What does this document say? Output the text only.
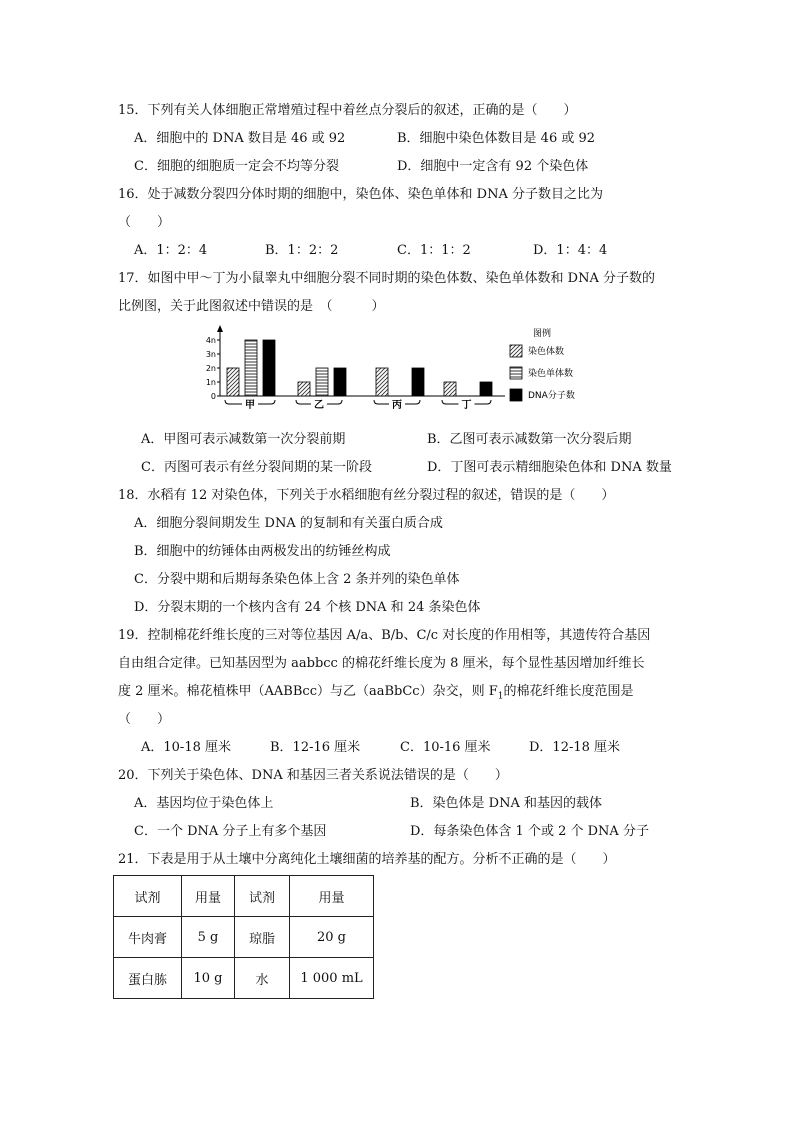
15．下列有关人体细胞正常增殖过程中着丝点分裂后的叙述，正确的是（　　）
A．细胞中的 DNA 数目是 46 或 92	B．细胞中染色体数目是 46 或 92
C．细胞的细胞质一定会不均等分裂	D．细胞中一定含有 92 个染色体
16．处于减数分裂四分体时期的细胞中，染色体、染色单体和 DNA 分子数目之比为
（　　）
A．1：2：4	B．1：2：2	C．1：1：2	D．1：4：4
17．如图中甲～丁为小鼠睾丸中细胞分裂不同时期的染色体数、染色单体数和 DNA 分子数的
比例图，关于此图叙述中错误的是　（　　　）
0
1n
2n
3n
4n
甲	乙	丙	丁
图例
染色体数
染色单体数
DNA分子数
A．甲图可表示减数第一次分裂前期	B．乙图可表示减数第一次分裂后期
C．丙图可表示有丝分裂间期的某一阶段	D．丁图可表示精细胞染色体和 DNA 数量
18．水稻有 12 对染色体，下列关于水稻细胞有丝分裂过程的叙述，错误的是（　　）
A．细胞分裂间期发生 DNA 的复制和有关蛋白质合成
B．细胞中的纺锤体由两极发出的纺锤丝构成
C．分裂中期和后期每条染色体上含 2 条并列的染色单体
D．分裂末期的一个核内含有 24 个核 DNA 和 24 条染色体
19．控制棉花纤维长度的三对等位基因 A/a、B/b、C/c 对长度的作用相等，其遗传符合基因
自由组合定律。已知基因型为 aabbcc 的棉花纤维长度为 8 厘米，每个显性基因增加纤维长
度 2 厘米。棉花植株甲（AABBcc）与乙（aaBbCc）杂交，则 $F_1$的棉花纤维长度范围是
（　　）
A．10-18 厘米	B．12-16 厘米	C．10-16 厘米	D．12-18 厘米
20．下列关于染色体、DNA 和基因三者关系说法错误的是（　　）
A．基因均位于染色体上	B．染色体是 DNA 和基因的载体
C．一个 DNA 分子上有多个基因	D．每条染色体含 1 个或 2 个 DNA 分子
21．下表是用于从土壤中分离纯化土壤细菌的培养基的配方。分析不正确的是（　　）
试剂	用量	试剂	用量
牛肉膏	5 g	琼脂	20 g
蛋白胨	10 g	水	1 000 mL
